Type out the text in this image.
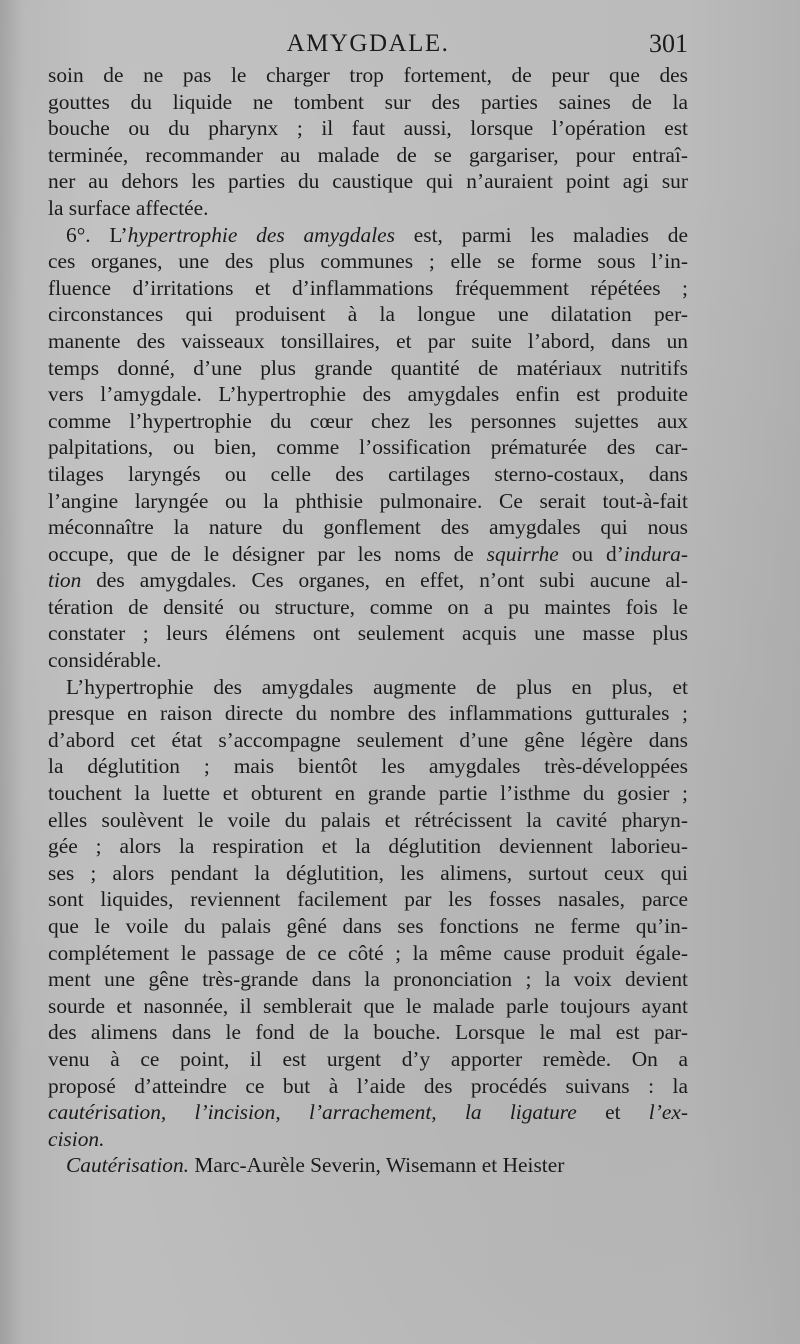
AMYGDALE.	301
soin de ne pas le charger trop fortement, de peur que des
gouttes du liquide ne tombent sur des parties saines de la
bouche ou du pharynx ; il faut aussi, lorsque l’opération est
terminée, recommander au malade de se gargariser, pour entraî-
ner au dehors les parties du caustique qui n’auraient point agi sur
la surface affectée.
6°. L’hypertrophie des amygdales est, parmi les maladies de
ces organes, une des plus communes ; elle se forme sous l’in-
fluence d’irritations et d’inflammations fréquemment répétées ;
circonstances qui produisent à la longue une dilatation per-
manente des vaisseaux tonsillaires, et par suite l’abord, dans un
temps donné, d’une plus grande quantité de matériaux nutritifs
vers l’amygdale. L’hypertrophie des amygdales enfin est produite
comme l’hypertrophie du cœur chez les personnes sujettes aux
palpitations, ou bien, comme l’ossification prématurée des car-
tilages laryngés ou celle des cartilages sterno-costaux, dans
l’angine laryngée ou la phthisie pulmonaire. Ce serait tout-à-fait
méconnaître la nature du gonflement des amygdales qui nous
occupe, que de le désigner par les noms de squirrhe ou d’indura-
tion des amygdales. Ces organes, en effet, n’ont subi aucune al-
tération de densité ou structure, comme on a pu maintes fois le
constater ; leurs élémens ont seulement acquis une masse plus
considérable.
L’hypertrophie des amygdales augmente de plus en plus, et
presque en raison directe du nombre des inflammations gutturales ;
d’abord cet état s’accompagne seulement d’une gêne légère dans
la déglutition ; mais bientôt les amygdales très-développées
touchent la luette et obturent en grande partie l’isthme du gosier ;
elles soulèvent le voile du palais et rétrécissent la cavité pharyn-
gée ; alors la respiration et la déglutition deviennent laborieu-
ses ; alors pendant la déglutition, les alimens, surtout ceux qui
sont liquides, reviennent facilement par les fosses nasales, parce
que le voile du palais gêné dans ses fonctions ne ferme qu’in-
complétement le passage de ce côté ; la même cause produit égale-
ment une gêne très-grande dans la prononciation ; la voix devient
sourde et nasonnée, il semblerait que le malade parle toujours ayant
des alimens dans le fond de la bouche. Lorsque le mal est par-
venu à ce point, il est urgent d’y apporter remède. On a
proposé d’atteindre ce but à l’aide des procédés suivans : la
cautérisation, l’incision, l’arrachement, la ligature et l’ex-
cision.
Cautérisation. Marc-Aurèle Severin, Wisemann et Heister
